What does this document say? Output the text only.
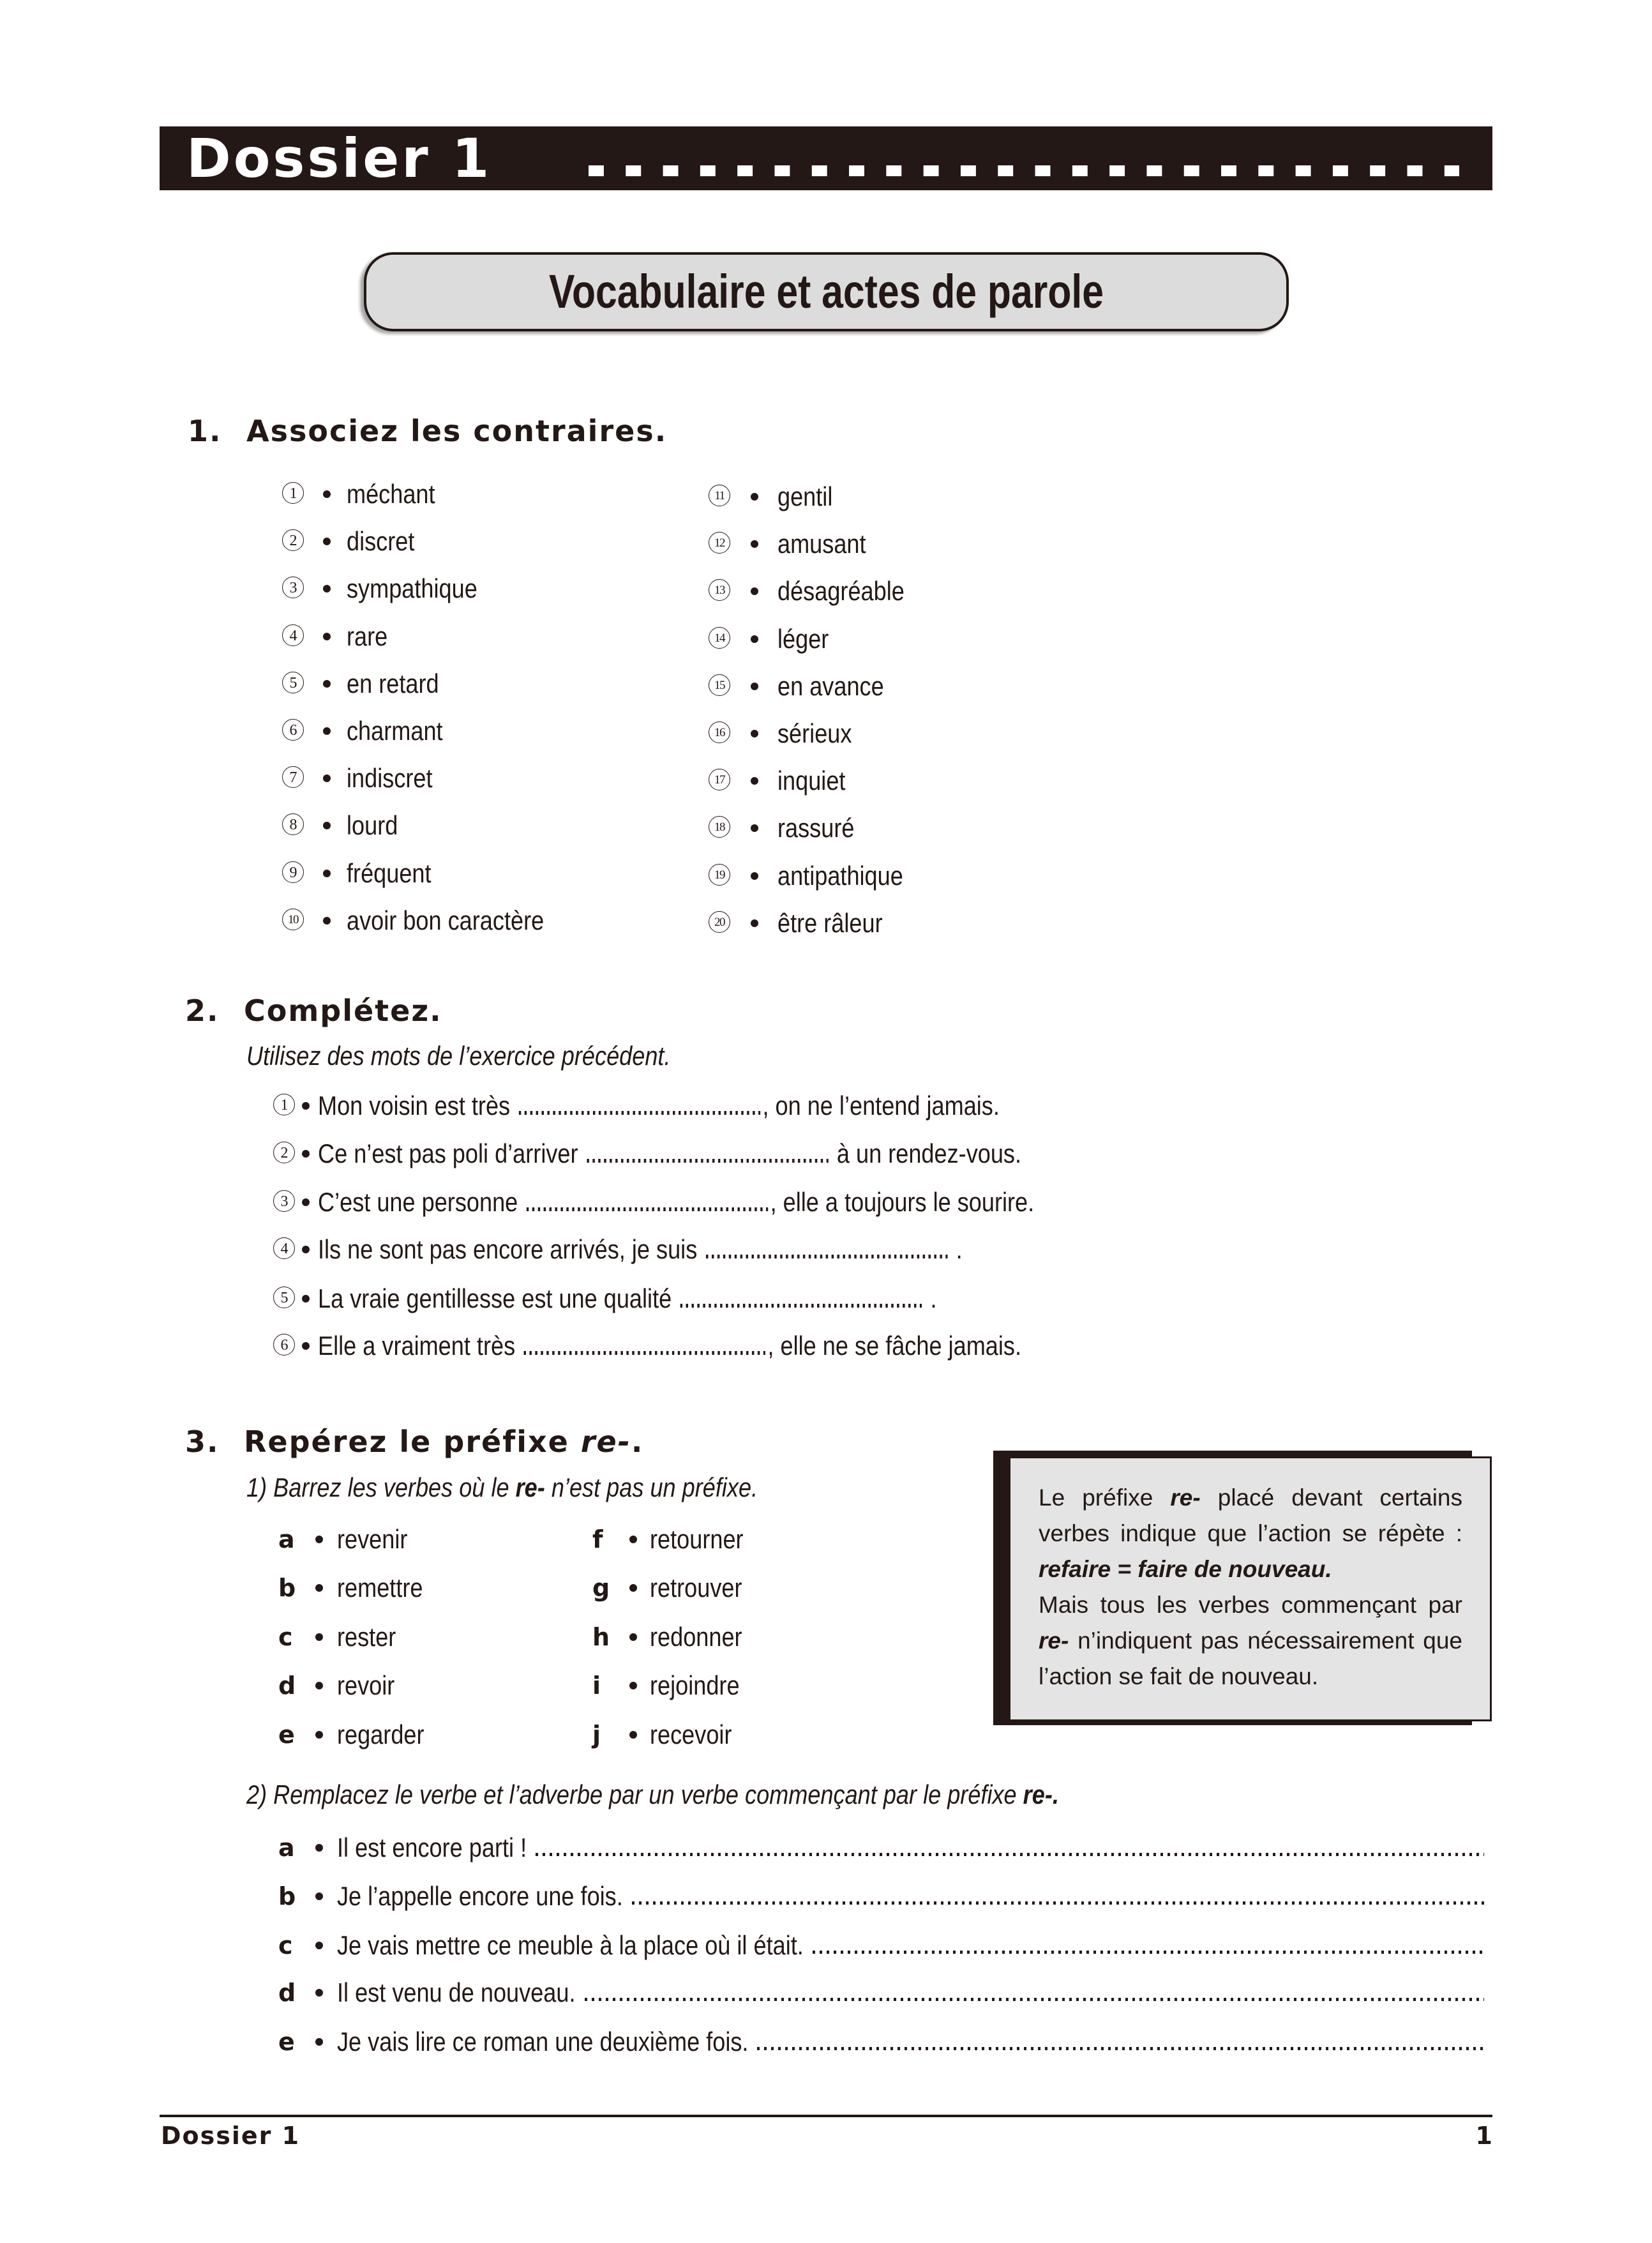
Dossier 1
Vocabulaire et actes de parole
1. Associez les contraires.
1 méchant
2 discret
3 sympathique
4 rare
5 en retard
6 charmant
7 indiscret
8 lourd
9 fréquent
10 avoir bon caractère
11 gentil
12 amusant
13 désagréable
14 léger
15 en avance
16 sérieux
17 inquiet
18 rassuré
19 antipathique
20 être râleur
2. Complétez.
Utilisez des mots de l’exercice précédent.
1 Mon voisin est très	, on ne l’entend jamais.
2 Ce n’est pas poli d’arriver	à un rendez-vous.
3 C’est une personne	, elle a toujours le sourire.
4 Ils ne sont pas encore arrivés, je suis	.
5 La vraie gentillesse est une qualité	.
6 Elle a vraiment très	, elle ne se fâche jamais.
3. Repérez le préfixe re-.
1) Barrez les verbes où le re- n’est pas un préfixe.
a revenir
b remettre
c rester
d revoir
e regarder
f retourner
g retrouver
h redonner
i rejoindre
j recevoir
Le préfixe re- placé devant certains
verbes indique que l’action se répète :
refaire = faire de nouveau.
Mais tous les verbes commençant par
re- n’indiquent pas nécessairement que
l’action se fait de nouveau.
2) Remplacez le verbe et l’adverbe par un verbe commençant par le préfixe re-.
a Il est encore parti !
b Je l’appelle encore une fois.
c Je vais mettre ce meuble à la place où il était.
d Il est venu de nouveau.
e Je vais lire ce roman une deuxième fois.
Dossier 1	1
